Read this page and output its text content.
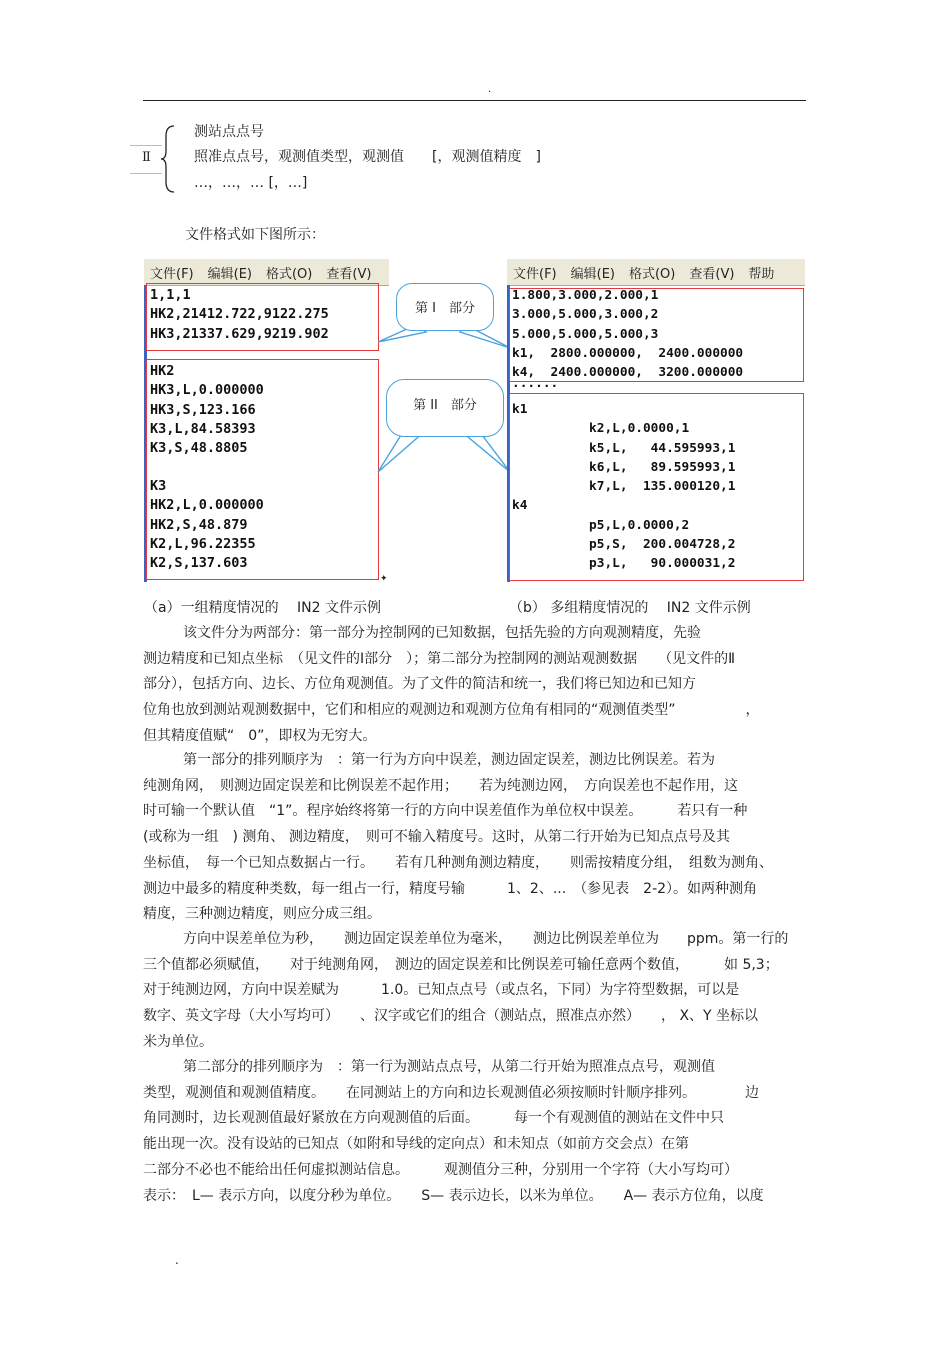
.
Ⅱ
测站点点号
照准点点号，观测值类型，观测值　　[，观测值精度　]
…，…，… [，…]
文件格式如下图所示：
文件(F) 编辑(E) 格式(O) 查看(V)
1,1,1
HK2,21412.722,9122.275
HK3,21337.629,9219.902
HK2
HK3,L,0.000000
HK3,S,123.166
K3,L,84.58393
K3,S,48.8805
K3
HK2,L,0.000000
HK2,S,48.879
K2,L,96.22355
K2,S,137.603
第 I　部分
第 II　部分
✦
文件(F) 编辑(E) 格式(O) 查看(V) 帮助
1.800,3.000,2.000,1
3.000,5.000,3.000,2
5.000,5.000,5.000,3
k1,  2800.000000,  2400.000000
k4,  2400.000000,  3200.000000
......
k1
k2,L,0.0000,1
k5,L,   44.595993,1
k6,L,   89.595993,1
k7,L,  135.000120,1
k4
p5,L,0.0000,2
p5,S,  200.004728,2
p3,L,   90.000031,2
（a）一组精度情况的　 IN2 文件示例	（b） 多组精度情况的　 IN2 文件示例
该文件分为两部分：第一部分为控制网的已知数据，包括先验的方向观测精度，先验
测边精度和已知点坐标　（见文件的Ⅰ部分　）；第二部分为控制网的测站观测数据　　（见文件的Ⅱ
部分），包括方向、边长、方位角观测值。为了文件的简洁和统一，我们将已知边和已知方
位角也放到测站观测数据中，它们和相应的观测边和观测方位角有相同的“观测值类型”　　　　　，
但其精度值赋“　0”，即权为无穷大。
第一部分的排列顺序为　：第一行为方向中误差，测边固定误差，测边比例误差。若为
纯测角网，　则测边固定误差和比例误差不起作用；　　若为纯测边网，　方向误差也不起作用，这
时可输一个默认值　“1”。程序始终将第一行的方向中误差值作为单位权中误差。　　　若只有一种
(或称为一组　) 测角、 测边精度，　则可不输入精度号。这时，从第二行开始为已知点点号及其
坐标值，　每一个已知点数据占一行。　　若有几种测角测边精度，　　则需按精度分组，　组数为测角、
测边中最多的精度种类数，每一组占一行，精度号输　　　1、2、...　（参见表　2-2）。如两种测角
精度，三种测边精度，则应分成三组。
方向中误差单位为秒，　　测边固定误差单位为毫米，　　测边比例误差单位为　　ppm。第一行的
三个值都必须赋值，　　对于纯测角网，　测边的固定误差和比例误差可输任意两个数值，　　　如 5,3；
对于纯测边网，方向中误差赋为　　　1.0。已知点点号（或点名，下同）为字符型数据，可以是
数字、英文字母（大小写均可）　　、汉字或它们的组合（测站点，照准点亦然）　　， X、Y 坐标以
米为单位。
第二部分的排列顺序为　：第一行为测站点点号，从第二行开始为照准点点号，观测值
类型，观测值和观测值精度。　　在同测站上的方向和边长观测值必须按顺时针顺序排列。　　　　边
角同测时，边长观测值最好紧放在方向观测值的后面。　　　每一个有观测值的测站在文件中只
能出现一次。没有设站的已知点（如附和导线的定向点）和未知点（如前方交会点）在第
二部分不必也不能给出任何虚拟测站信息。　　　观测值分三种，分别用一个字符（大小写均可）
表示：　L— 表示方向，以度分秒为单位。　　S— 表示边长，以米为单位。　　A— 表示方位角，以度
.
